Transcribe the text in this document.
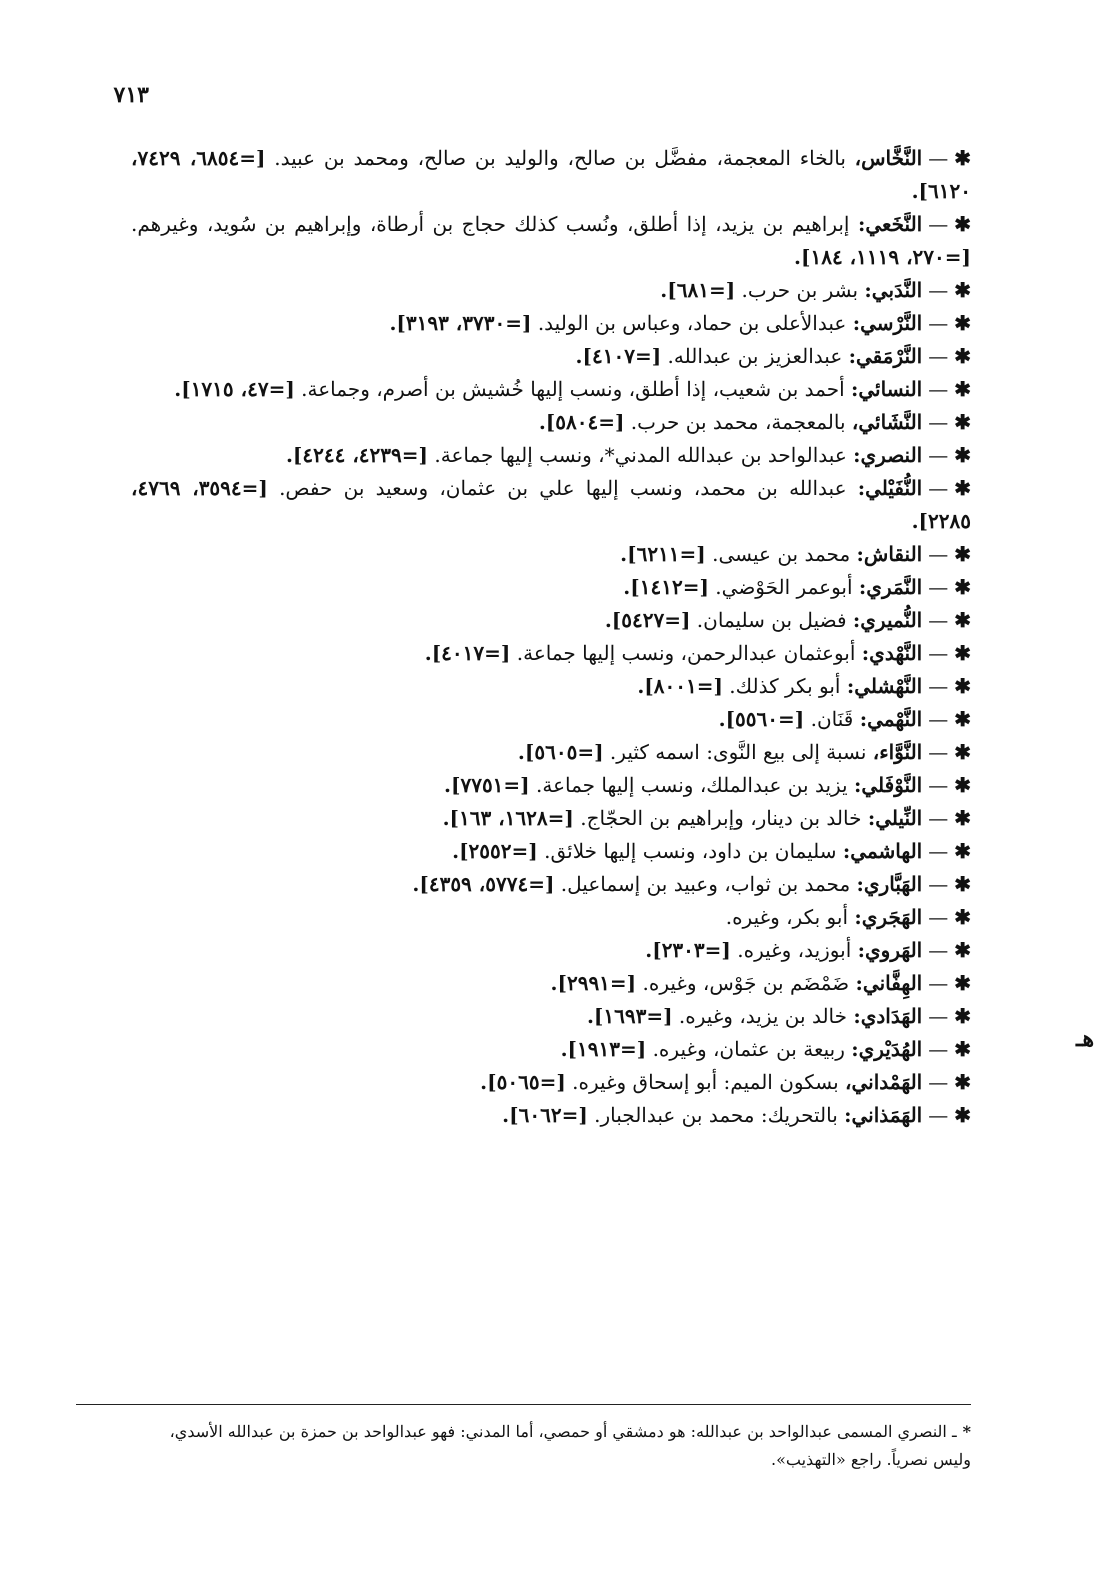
٧١٣
✱—النَّخَّاس، بالخاء المعجمة، مفضَّل بن صالح، والوليد بن صالح، ومحمد بن عبيد. [=٦٨٥٤، ٧٤٢٩، ٦١٢٠].
✱—النَّخَعي: إبراهيم بن يزيد، إذا أطلق، ونُسب كذلك حجاج بن أرطاة، وإبراهيم بن سُويد، وغيرهم. [=٢٧٠، ١١١٩، ١٨٤].
✱—النَّدَبي: بشر بن حرب. [=٦٨١].
✱—النَّرْسي: عبدالأعلى بن حماد، وعباس بن الوليد. [=٣٧٣٠، ٣١٩٣].
✱—النَّرْمَقي: عبدالعزيز بن عبدالله. [=٤١٠٧].
✱—النسائي: أحمد بن شعيب، إذا أطلق، ونسب إليها خُشيش بن أصرم، وجماعة. [=٤٧، ١٧١٥].
✱—النَّشَائي، بالمعجمة، محمد بن حرب. [=٥٨٠٤].
✱—النصري: عبدالواحد بن عبدالله المدني*، ونسب إليها جماعة. [=٤٢٣٩، ٤٢٤٤].
✱—النُّفَيْلي: عبدالله بن محمد، ونسب إليها علي بن عثمان، وسعيد بن حفص. [=٣٥٩٤، ٤٧٦٩، ٢٢٨٥].
✱—النقاش: محمد بن عيسى. [=٦٢١١].
✱—النَّمَري: أبوعمر الحَوْضي. [=١٤١٢].
✱—النُّميري: فضيل بن سليمان. [=٥٤٢٧].
✱—النَّهْدي: أبوعثمان عبدالرحمن، ونسب إليها جماعة. [=٤٠١٧].
✱—النَّهْشلي: أبو بكر كذلك. [=٨٠٠١].
✱—النَّهْمي: قَنَان. [=٥٥٦٠].
✱—النَّوَّاء، نسبة إلى بيع النَّوى: اسمه كثير. [=٥٦٠٥].
✱—النَّوْفَلي: يزيد بن عبدالملك، ونسب إليها جماعة. [=٧٧٥١].
✱—النِّيلي: خالد بن دينار، وإبراهيم بن الحجّاج. [=١٦٢٨، ١٦٣].
✱—الهاشمي: سليمان بن داود، ونسب إليها خلائق. [=٢٥٥٢].
✱—الهَبَّاري: محمد بن ثواب، وعبيد بن إسماعيل. [=٥٧٧٤، ٤٣٥٩].
✱—الهَجَري: أبو بكر، وغيره.
✱—الهَروي: أبوزيد، وغيره. [=٢٣٠٣].
✱—الهِفَّاني: ضَمْضَم بن جَوْس، وغيره. [=٢٩٩١].
✱—الهَدَادي: خالد بن يزيد، وغيره. [=١٦٩٣].
✱—الهُدَيْري: ربيعة بن عثمان، وغيره. [=١٩١٣].
✱—الهَمْداني، بسكون الميم: أبو إسحاق وغيره. [=٥٠٦٥].
✱—الهَمَذاني: بالتحريك: محمد بن عبدالجبار. [=٦٠٦٢].
هـ
*ـ النصري المسمى عبدالواحد بن عبدالله: هو دمشقي أو حمصي، أما المدني: فهو عبدالواحد بن حمزة بن عبدالله الأسدي، وليس نصرياً. راجع «التهذيب».
